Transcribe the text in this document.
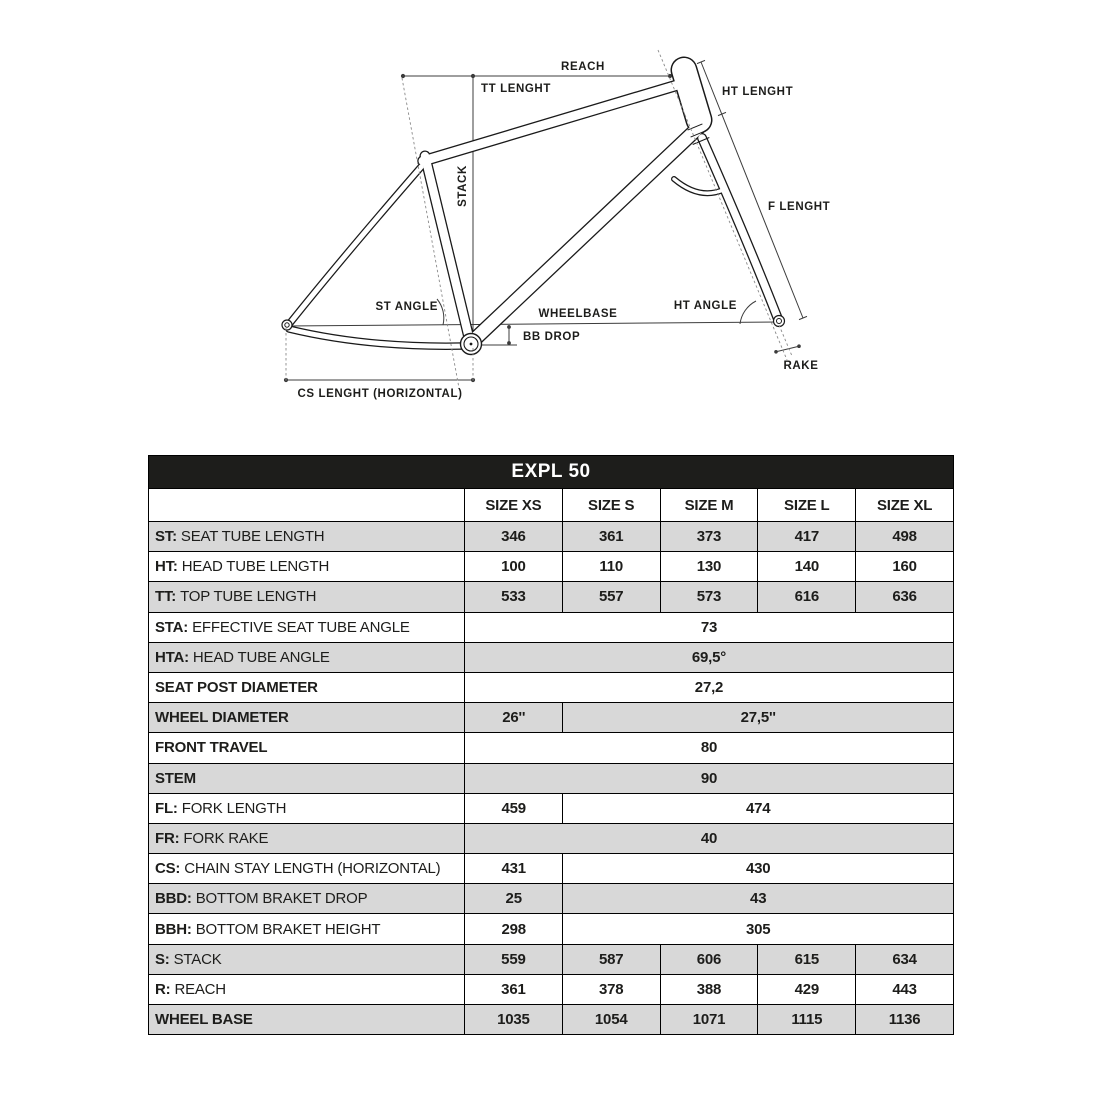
REACH
TT LENGHT	HT LENGHT
STACK
F LENGHT
ST ANGLE
WHEELBASE
BB DROP
HT ANGLE
RAKE
CS LENGHT (HORIZONTAL)
EXPL 50
SIZE XS	SIZE S	SIZE M	SIZE L	SIZE XL
ST: SEAT TUBE LENGTH	346	361	373	417	498
HT: HEAD TUBE LENGTH	100	110	130	140	160
TT: TOP TUBE LENGTH	533	557	573	616	636
STA: EFFECTIVE SEAT TUBE ANGLE	73
HTA: HEAD TUBE ANGLE	69,5°
SEAT POST DIAMETER	27,2
WHEEL DIAMETER	26''	27,5''
FRONT TRAVEL	80
STEM	90
FL: FORK LENGTH	459	474
FR: FORK RAKE	40
CS: CHAIN STAY LENGTH (HORIZONTAL)	431	430
BBD: BOTTOM BRAKET DROP	25	43
BBH: BOTTOM BRAKET HEIGHT	298	305
S: STACK	559	587	606	615	634
R: REACH	361	378	388	429	443
WHEEL BASE	1035	1054	1071	1115	1136
